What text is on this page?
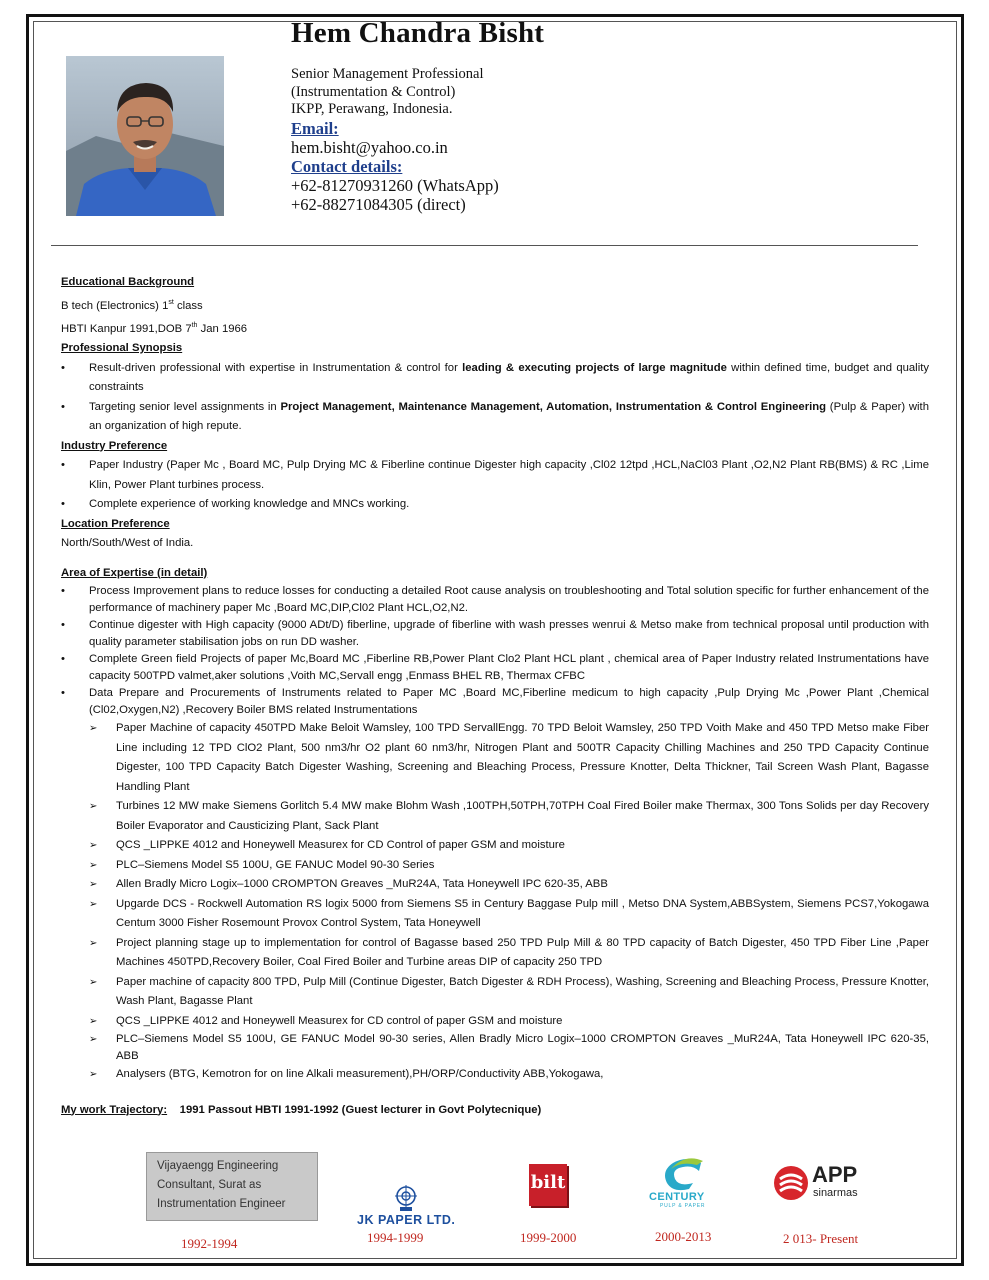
Hem Chandra Bisht
Senior Management Professional
(Instrumentation & Control)
IKPP, Perawang, Indonesia.
Email:
hem.bisht@yahoo.co.in
Contact details:
+62-81270931260 (WhatsApp)
+62-88271084305 (direct)
Educational Background

B tech (Electronics) 1st class

HBTI Kanpur 1991,DOB 7th Jan 1966

Professional Synopsis
• Result-driven professional with expertise in Instrumentation & control for leading & executing projects of large magnitude within defined time, budget and quality constraints
• Targeting senior level assignments in Project Management, Maintenance Management, Automation, Instrumentation & Control Engineering (Pulp & Paper) with an organization of high repute.
Industry Preference
• Paper Industry (Paper Mc , Board MC, Pulp Drying MC & Fiberline continue Digester high capacity ,Cl02 12tpd ,HCL,NaCl03 Plant ,O2,N2 Plant RB(BMS) & RC ,Lime Klin, Power Plant turbines process.
• Complete experience of working knowledge and MNCs working.
Location Preference

North/South/West of India.

Area of Expertise (in detail)
• Process Improvement plans to reduce losses for conducting a detailed Root cause analysis on troubleshooting and Total solution specific for further enhancement of the performance of machinery paper Mc ,Board MC,DIP,Cl02 Plant HCL,O2,N2.
• Continue digester with High capacity (9000 ADt/D) fiberline, upgrade of fiberline with wash presses wenrui & Metso make from technical proposal until production with quality parameter stabilisation jobs on run DD washer.
• Complete Green field Projects of paper Mc,Board MC ,Fiberline RB,Power Plant Clo2 Plant HCL plant , chemical area of Paper Industry related Instrumentations have capacity 500TPD valmet,aker solutions ,Voith MC,Servall engg ,Enmass BHEL RB, Thermax CFBC
• Data Prepare and Procurements of Instruments related to Paper MC ,Board MC,Fiberline medicum to high capacity ,Pulp Drying Mc ,Power Plant ,Chemical (Cl02,Oxygen,N2) ,Recovery Boiler BMS related Instrumentations
➢ Paper Machine of capacity 450TPD Make Beloit Wamsley, 100 TPD ServallEngg. 70 TPD Beloit Wamsley, 250 TPD Voith Make and 450 TPD Metso make Fiber Line including 12 TPD ClO2 Plant, 500 nm3/hr O2 plant 60 nm3/hr, Nitrogen Plant and 500TR Capacity Chilling Machines and 250 TPD Capacity Continue Digester, 100 TPD Capacity Batch Digester Washing, Screening and Bleaching Process, Pressure Knotter, Delta Thickner, Tail Screen Wash Plant, Bagasse Handling Plant
➢ Turbines 12 MW make Siemens Gorlitch 5.4 MW make Blohm Wash ,100TPH,50TPH,70TPH Coal Fired Boiler make Thermax, 300 Tons Solids per day Recovery Boiler Evaporator and Causticizing Plant, Sack Plant
➢ QCS _LIPPKE 4012 and Honeywell Measurex for CD Control of paper GSM and moisture
➢ PLC–Siemens Model S5 100U, GE FANUC Model 90-30 Series
➢ Allen Bradly Micro Logix–1000 CROMPTON Greaves _MuR24A, Tata Honeywell IPC 620-35, ABB
➢ Upgarde DCS - Rockwell Automation RS logix 5000 from Siemens S5 in Century Baggase Pulp mill , Metso DNA System,ABBSystem, Siemens PCS7,Yokogawa Centum 3000 Fisher Rosemount Provox Control System, Tata Honeywell
➢ Project planning stage up to implementation for control of Bagasse based 250 TPD Pulp Mill & 80 TPD capacity of Batch Digester, 450 TPD Fiber Line ,Paper Machines 450TPD,Recovery Boiler, Coal Fired Boiler and Turbine areas DIP of capacity 250 TPD
➢ Paper machine of capacity 800 TPD, Pulp Mill (Continue Digester, Batch Digester & RDH Process), Washing, Screening and Bleaching Process, Pressure Knotter, Wash Plant, Bagasse Plant
➢ QCS _LIPPKE 4012 and Honeywell Measurex for CD control of paper GSM and moisture
➢ PLC–Siemens Model S5 100U, GE FANUC Model 90-30 series, Allen Bradly Micro Logix–1000 CROMPTON Greaves _MuR24A, Tata Honeywell IPC 620-35, ABB
➢ Analysers (BTG, Kemotron for on line Alkali measurement),PH/ORP/Conductivity ABB,Yokogawa,

My work Trajectory: 1991 Passout HBTI 1991-1992 (Guest lecturer in Govt Polytecnique)

Vijayaengg Engineering
Consultant, Surat as
Instrumentation Engineer
1992-1994
JK PAPER LTD.
1994-1999
bilt
1999-2000
CENTURY
PULP & PAPER
2000-2013
APP
sinarmas
2 013- Present
